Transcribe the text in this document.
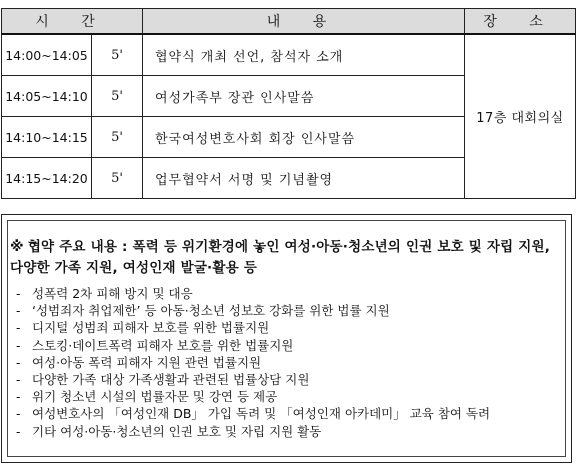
시 간		내 용	장 소
14:00~14:05	5'	협약식 개최 선언, 참석자 소개	17층 대회의실
14:05~14:10	5'	여성가족부 장관 인사말씀	
14:10~14:15	5'	한국여성변호사회 회장 인사말씀	
14:15~14:20	5'	업무협약서 서명 및 기념촬영	
※ 협약 주요 내용 : 폭력 등 위기환경에 놓인 여성·아동·청소년의 인권 보호 및 자립 지원, 다양한 가족 지원, 여성인재 발굴·활용 등
- 성폭력 2차 피해 방지 및 대응
- ‘성범죄자 취업제한’ 등 아동·청소년 성보호 강화를 위한 법률 지원
- 디지털 성범죄 피해자 보호를 위한 법률지원
- 스토킹·데이트폭력 피해자 보호를 위한 법률지원
- 여성·아동 폭력 피해자 지원 관련 법률지원
- 다양한 가족 대상 가족생활과 관련된 법률상담 지원
- 위기 청소년 시설의 법률자문 및 강연 등 제공
- 여성변호사의 「여성인재 DB」 가입 독려 및 「여성인재 아카데미」 교육 참여 독려
- 기타 여성·아동·청소년의 인권 보호 및 자립 지원 활동
